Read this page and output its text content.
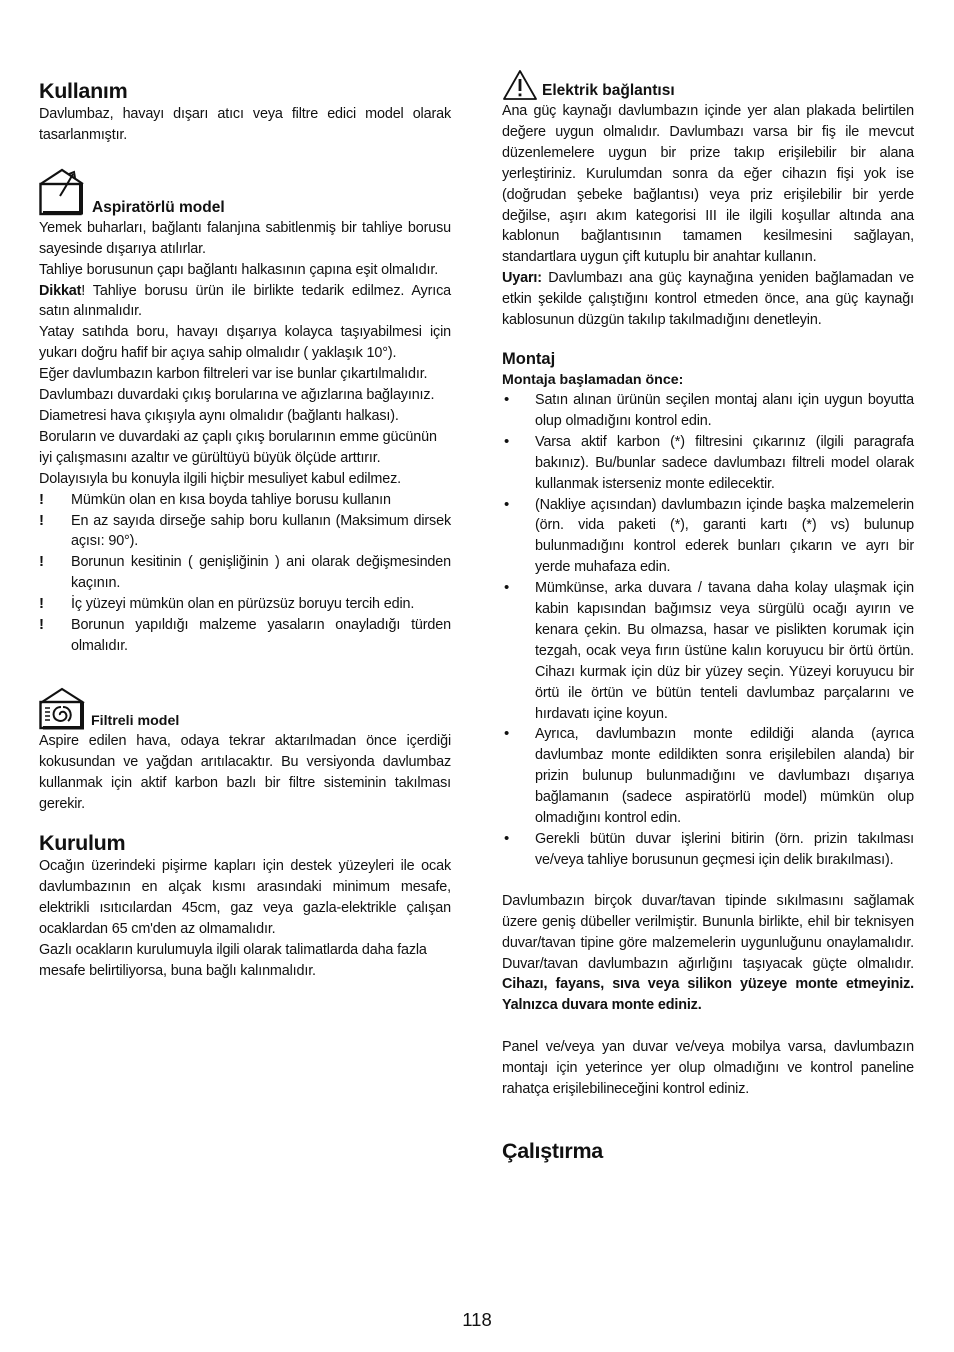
Kullanım

Davlumbaz, havayı dışarı atıcı veya filtre edici model olarak tasarlanmıştır.

Aspiratörlü model

Yemek buharları, bağlantı falanjına sabitlenmiş bir tahliye borusu sayesinde dışarıya atılırlar.

Tahliye borusunun çapı bağlantı halkasının çapına eşit olmalıdır.

Dikkat! Tahliye borusu ürün ile birlikte tedarik edilmez. Ayrıca satın alınmalıdır.

Yatay satıhda boru, havayı dışarıya kolayca taşıyabilmesi için yukarı doğru hafif bir açıya sahip olmalıdır ( yaklaşık 10°).

Eğer davlumbazın karbon filtreleri var ise bunlar çıkartılmalıdır.

Davlumbazı duvardaki çıkış borularına ve ağızlarına bağlayınız. Diametresi hava çıkışıyla aynı olmalıdır (bağlantı halkası).

Boruların ve duvardaki az çaplı çıkış borularının emme gücünün iyi çalışmasını azaltır ve gürültüyü büyük ölçüde arttırır.

Dolayısıyla bu konuyla ilgili hiçbir mesuliyet kabul edilmez.

!	Mümkün olan en kısa boyda tahliye borusu kullanın
!	En az sayıda dirseğe sahip boru kullanın (Maksimum dirsek açısı: 90°).
!	Borunun kesitinin ( genişliğinin ) ani olarak değişmesinden kaçının.
!	İç yüzeyi mümkün olan en pürüzsüz boruyu tercih edin.
!	Borunun yapıldığı malzeme yasaların onayladığı türden olmalıdır.
Filtreli model

Aspire edilen hava, odaya tekrar aktarılmadan önce içerdiği kokusundan ve yağdan arıtılacaktır. Bu versiyonda davlumbaz kullanmak için aktif karbon bazlı bir filtre sisteminin takılması gerekir.

Kurulum

Ocağın üzerindeki pişirme kapları için destek yüzeyleri ile ocak davlumbazının en alçak kısmı arasındaki minimum mesafe, elektrikli ısıtıcılardan 45cm, gaz veya gazla-elektrikle çalışan ocaklardan 65 cm'den az olmamalıdır.

Gazlı ocakların kurulumuyla ilgili olarak talimatlarda daha fazla mesafe belirtiliyorsa, buna bağlı kalınmalıdır.

Elektrik bağlantısı

Ana güç kaynağı davlumbazın içinde yer alan plakada belirtilen değere uygun olmalıdır. Davlumbazı varsa bir fiş ile mevcut düzenlemelere uygun bir prize takıp erişilebilir bir alana yerleştiriniz. Kurulumdan sonra da eğer cihazın fişi yok ise (doğrudan şebeke bağlantısı) veya priz erişilebilir bir yerde değilse, aşırı akım kategorisi III ile ilgili koşullar altında ana kablonun bağlantısının tamamen kesilmesini sağlayan, standartlara uygun çift kutuplu bir anahtar kullanın.

Uyarı: Davlumbazı ana güç kaynağına yeniden bağlamadan ve etkin şekilde çalıştığını kontrol etmeden önce, ana güç kaynağı kablosunun düzgün takılıp takılmadığını denetleyin.

Montaj

Montaja başlamadan önce:

•	Satın alınan ürünün seçilen montaj alanı için uygun boyutta olup olmadığını kontrol edin.
•	Varsa aktif karbon (*) filtresini çıkarınız (ilgili paragrafa bakınız). Bu/bunlar sadece davlumbazı filtreli model olarak kullanmak isterseniz monte edilecektir.
•	(Nakliye açısından) davlumbazın içinde başka malzemelerin (örn. vida paketi (*), garanti kartı (*) vs) bulunup bulunmadığını kontrol ederek bunları çıkarın ve ayrı bir yerde muhafaza edin.
•	Mümkünse, arka duvara / tavana daha kolay ulaşmak için kabin kapısından bağımsız veya sürgülü ocağı ayırın ve kenara çekin. Bu olmazsa, hasar ve pislikten korumak için tezgah, ocak veya fırın üstüne kalın koruyucu bir örtü örtün. Cihazı kurmak için düz bir yüzey seçin. Yüzeyi koruyucu bir örtü ile örtün ve bütün tenteli davlumbaz parçalarını ve hırdavatı içine koyun.
•	Ayrıca, davlumbazın monte edildiği alanda (ayrıca davlumbaz monte edildikten sonra erişilebilen alanda) bir prizin bulunup bulunmadığını ve davlumbazı dışarıya bağlamanın (sadece aspiratörlü model) mümkün olup olmadığını kontrol edin.
•	Gerekli bütün duvar işlerini bitirin (örn. prizin takılması ve/veya tahliye borusunun geçmesi için delik bırakılması).

Davlumbazın birçok duvar/tavan tipinde sıkılmasını sağlamak üzere geniş dübeller verilmiştir. Bununla birlikte, ehil bir teknisyen duvar/tavan tipine göre malzemelerin uygunluğunu onaylamalıdır. Duvar/tavan davlumbazın ağırlığını taşıyacak güçte olmalıdır. Cihazı, fayans, sıva veya silikon yüzeye monte etmeyiniz. Yalnızca duvara monte ediniz.

Panel ve/veya yan duvar ve/veya mobilya varsa, davlumbazın montajı için yeterince yer olup olmadığını ve kontrol paneline rahatça erişilebilineceğini kontrol ediniz.

Çalıştırma
118
